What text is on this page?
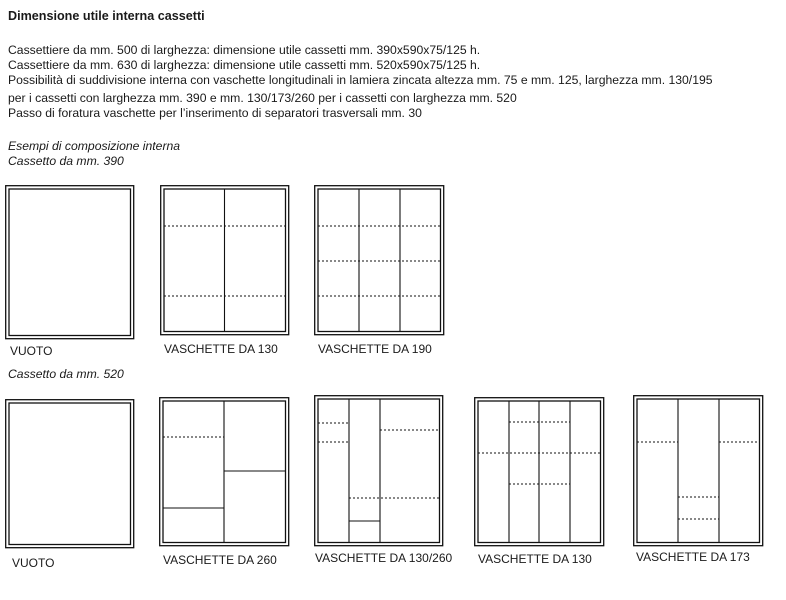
Dimensione utile interna cassetti
Cassettiere da mm. 500 di larghezza: dimensione utile cassetti mm. 390x590x75/125 h.
Cassettiere da mm. 630 di larghezza: dimensione utile cassetti mm. 520x590x75/125 h.
Possibilità di suddivisione interna con vaschette longitudinali in lamiera zincata altezza mm. 75 e mm. 125, larghezza mm. 130/195
per i cassetti con larghezza mm. 390 e mm. 130/173/260 per i cassetti con larghezza mm. 520
Passo di foratura vaschette per l’inserimento di separatori trasversali mm. 30
Esempi di composizione interna
Cassetto da mm. 390
VUOTO	VASCHETTE DA 130	VASCHETTE DA 190
Cassetto da mm. 520
VUOTO	VASCHETTE DA 260	VASCHETTE DA 130/260 VASCHETTE DA 130	VASCHETTE DA 173
